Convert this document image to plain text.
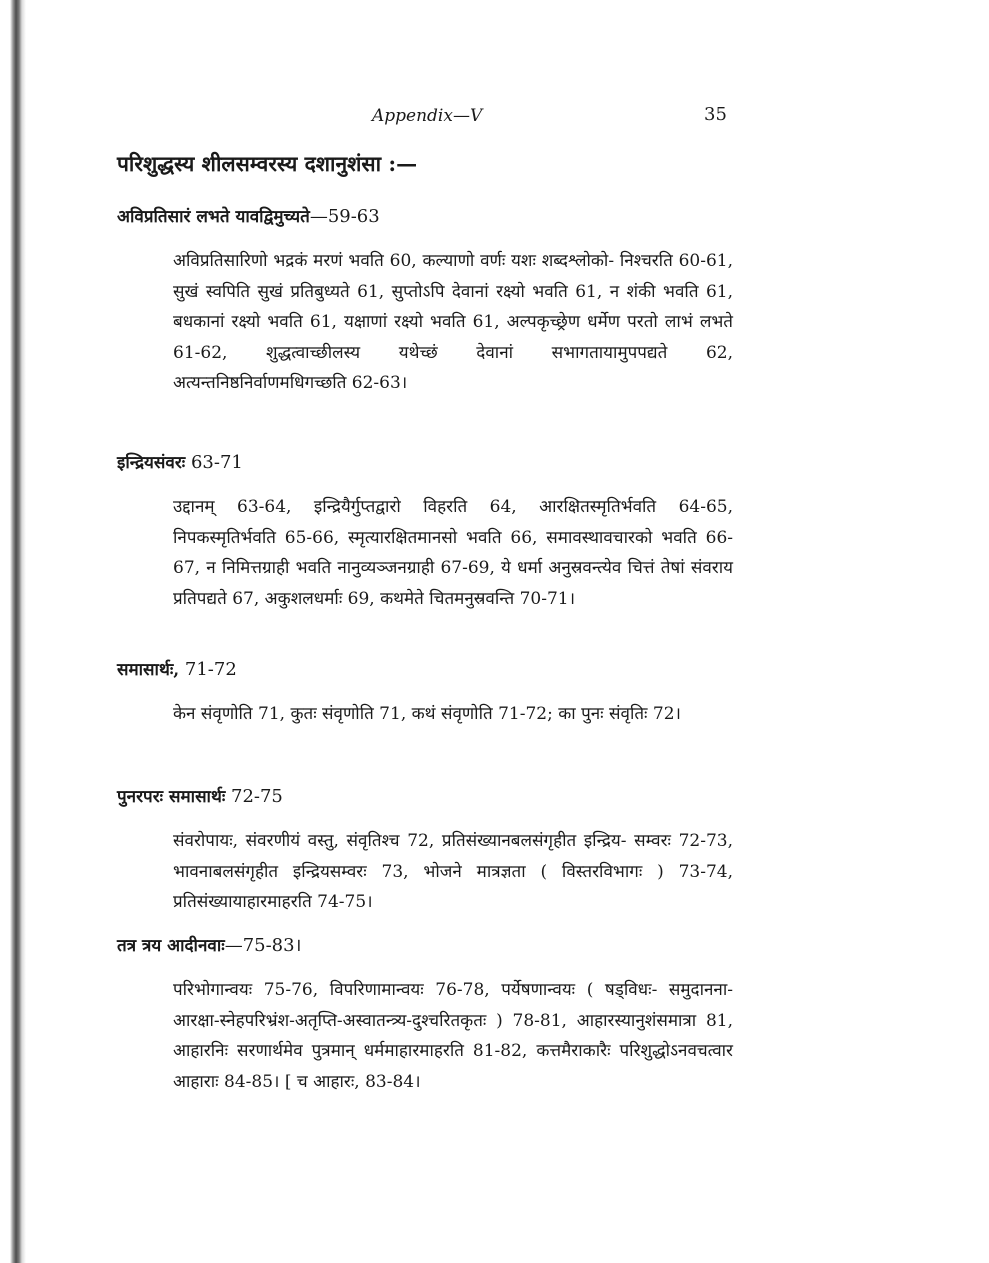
Appendix—V	35
परिशुद्धस्य शीलसम्वरस्य दशानुशंसा :—
अविप्रतिसारं लभते यावद्विमुच्यते—59-63
अविप्रतिसारिणो भद्रकं मरणं भवति 60, कल्याणो वर्णः यशः शब्दश्लोको- निश्चरति 60-61, सुखं स्वपिति सुखं प्रतिबुध्यते 61, सुप्तोऽपि देवानां रक्ष्यो भवति 61, न शंकी भवति 61, बधकानां रक्ष्यो भवति 61, यक्षाणां रक्ष्यो भवति 61, अल्पकृच्छ्रेण धर्मेण परतो लाभं लभते 61-62, शुद्धत्वाच्छीलस्य यथेच्छं देवानां सभागतायामुपपद्यते 62, अत्यन्तनिष्ठनिर्वाणमधिगच्छति 62-63।
इन्द्रियसंवरः 63-71
उद्दानम् 63-64, इन्द्रियैर्गुप्तद्वारो विहरति 64, आरक्षितस्मृतिर्भवति 64-65, निपकस्मृतिर्भवति 65-66, स्मृत्यारक्षितमानसो भवति 66, समावस्थावचारको भवति 66-67, न निमित्तग्राही भवति नानुव्यञ्जनग्राही 67-69, ये धर्मा अनुस्रवन्त्येव चित्तं तेषां संवराय प्रतिपद्यते 67, अकुशलधर्माः 69, कथमेते चितमनुस्रवन्ति 70-71।
समासार्थः, 71-72
केन संवृणोति 71, कुतः संवृणोति 71, कथं संवृणोति 71-72; का पुनः संवृतिः 72।
पुनरपरः समासार्थः 72-75
संवरोपायः, संवरणीयं वस्तु, संवृतिश्च 72, प्रतिसंख्यानबलसंगृहीत इन्द्रिय- सम्वरः 72-73, भावनाबलसंगृहीत इन्द्रियसम्वरः 73, भोजने मात्रज्ञता ( विस्तरविभागः ) 73-74, प्रतिसंख्यायाहारमाहरति 74-75।
तत्र त्रय आदीनवाः—75-83।
परिभोगान्वयः 75-76, विपरिणामान्वयः 76-78, पर्येषणान्वयः ( षड्विधः- समुदानना-आरक्षा-स्नेहपरिभ्रंश-अतृप्ति-अस्वातन्त्र्य-दुश्चरितकृतः ) 78-81, आहारस्यानुशंसमात्रा 81, आहारनिः सरणार्थमेव पुत्रमान् धर्ममाहारमाहरति 81-82, कत्तमैराकारैः परिशुद्धोऽनवचत्वार आहाराः 84-85। [ च आहारः, 83-84।
